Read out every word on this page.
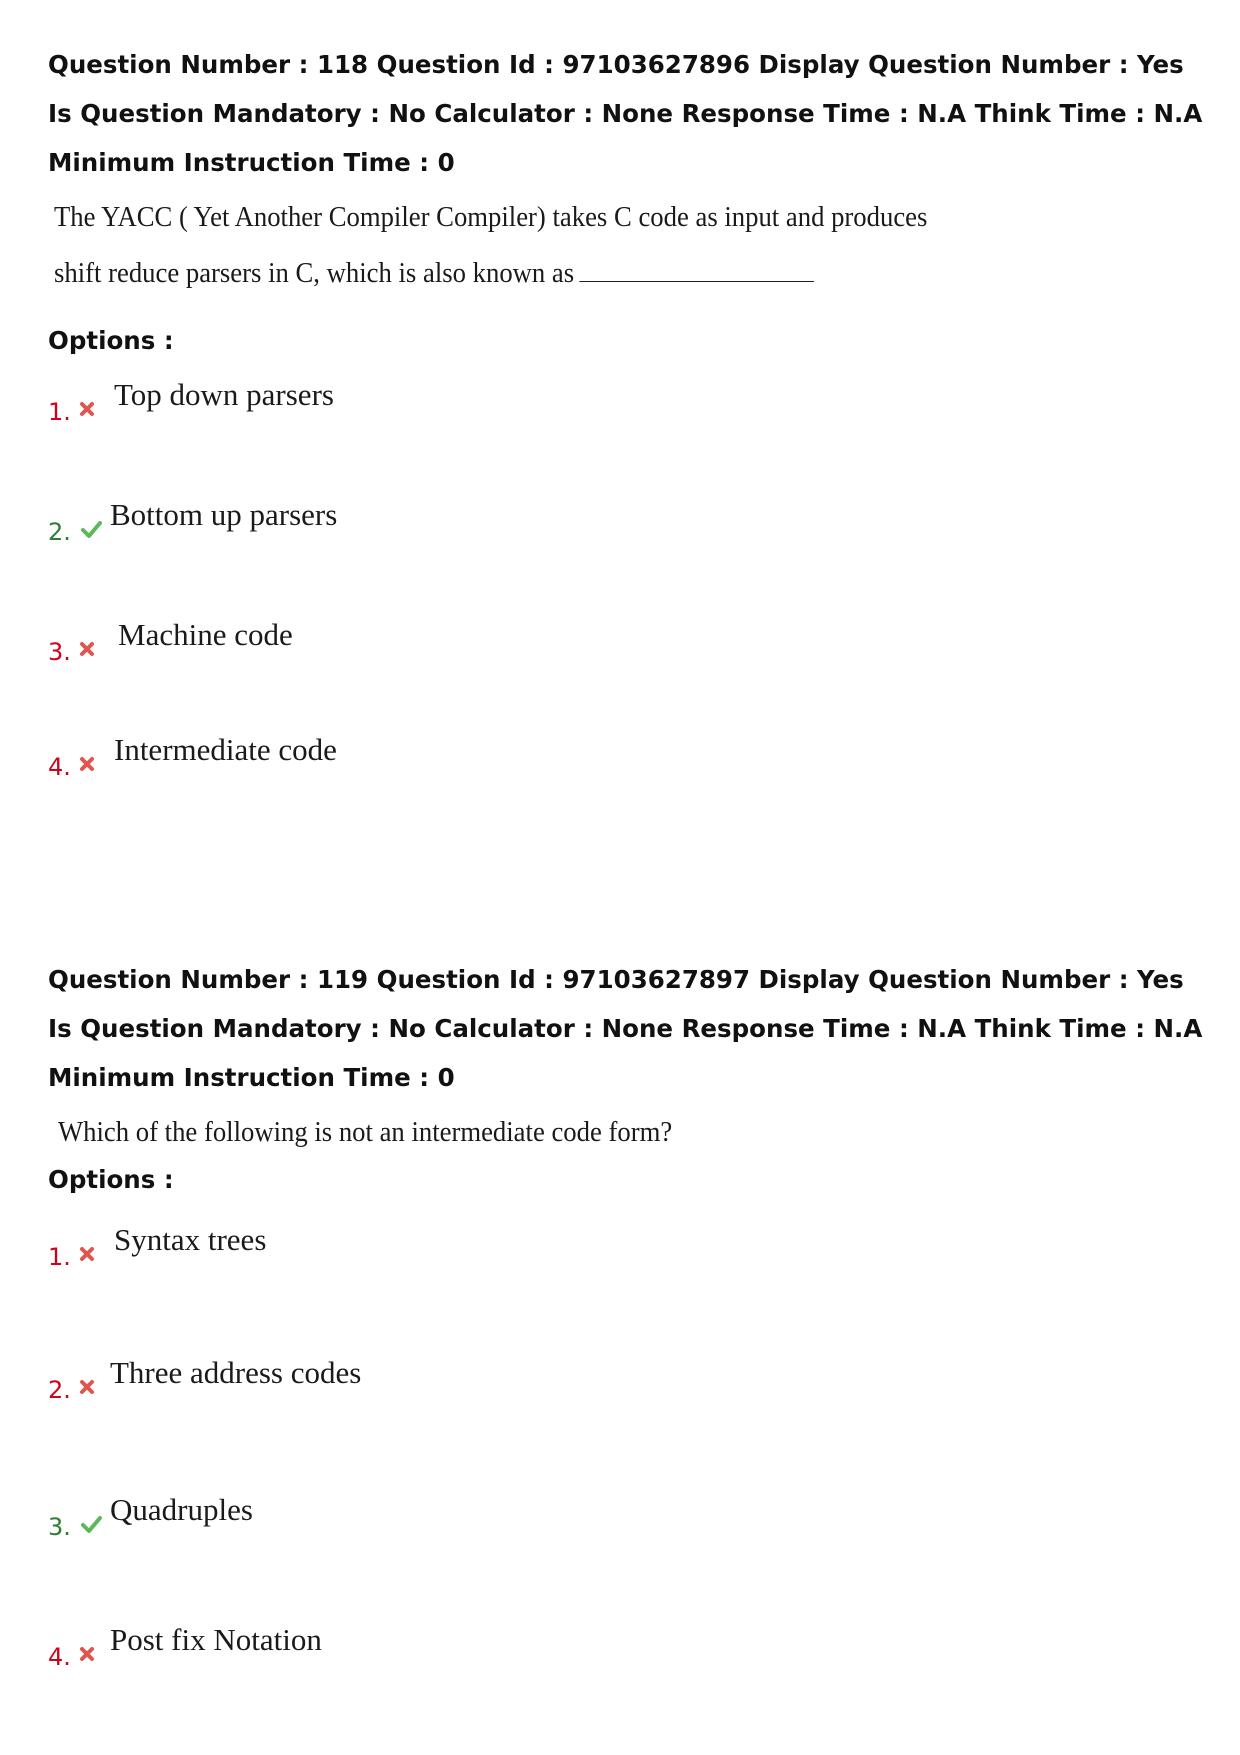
Question Number : 118 Question Id : 97103627896 Display Question Number : Yes Is Question Mandatory : No Calculator : None Response Time : N.A Think Time : N.A Minimum Instruction Time : 0

The YACC ( Yet Another Compiler Compiler) takes C code as input and produces
shift reduce parsers in C, which is also known as

Options :

1. Top down parsers
2. Bottom up parsers
3. Machine code
4. Intermediate code

Question Number : 119 Question Id : 97103627897 Display Question Number : Yes Is Question Mandatory : No Calculator : None Response Time : N.A Think Time : N.A Minimum Instruction Time : 0

Which of the following is not an intermediate code form?

Options :

1. Syntax trees
2. Three address codes
3. Quadruples
4. Post fix Notation
